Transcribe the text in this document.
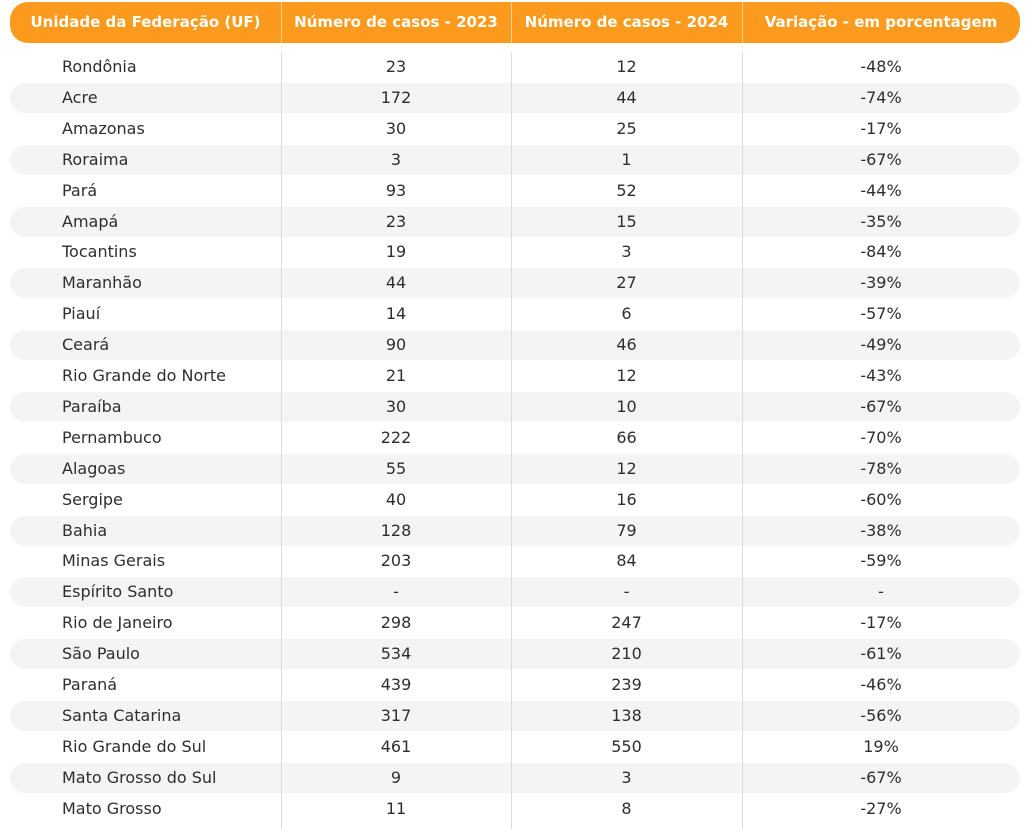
Unidade da Federação (UF)	Número de casos - 2023	Número de casos - 2024	Variação - em porcentagem
Rondônia	23	12	-48%
Acre	172	44	-74%
Amazonas	30	25	-17%
Roraima	3	1	-67%
Pará	93	52	-44%
Amapá	23	15	-35%
Tocantins	19	3	-84%
Maranhão	44	27	-39%
Piauí	14	6	-57%
Ceará	90	46	-49%
Rio Grande do Norte	21	12	-43%
Paraíba	30	10	-67%
Pernambuco	222	66	-70%
Alagoas	55	12	-78%
Sergipe	40	16	-60%
Bahia	128	79	-38%
Minas Gerais	203	84	-59%
Espírito Santo	-	-	-
Rio de Janeiro	298	247	-17%
São Paulo	534	210	-61%
Paraná	439	239	-46%
Santa Catarina	317	138	-56%
Rio Grande do Sul	461	550	19%
Mato Grosso do Sul	9	3	-67%
Mato Grosso	11	8	-27%
